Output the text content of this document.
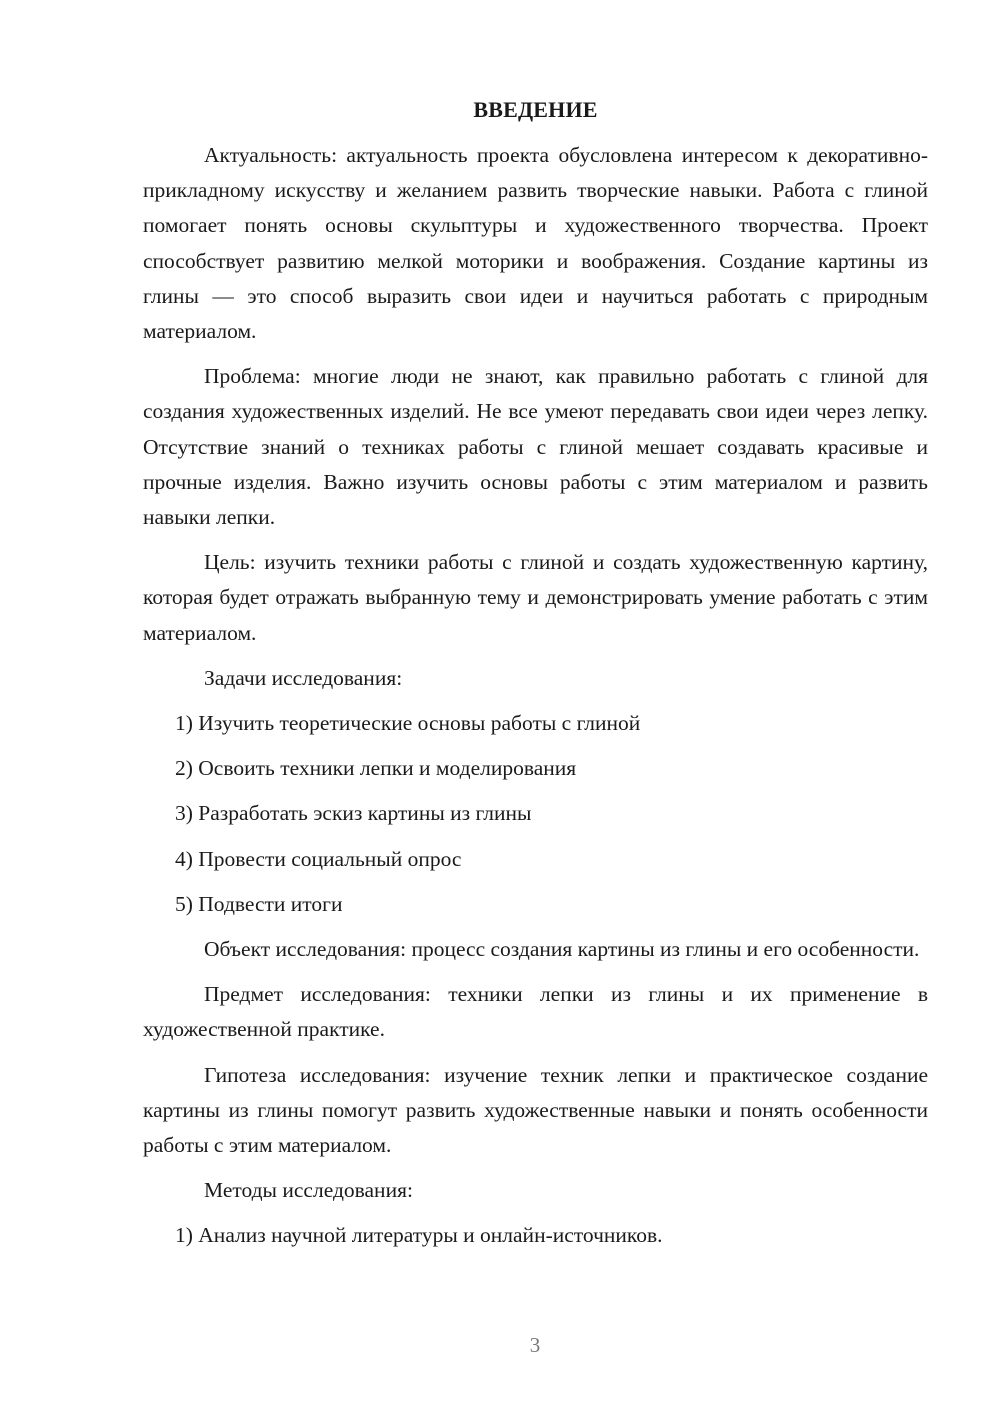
ВВЕДЕНИЕ

Актуальность: актуальность проекта обусловлена интересом к декоративно-прикладному искусству и желанием развить творческие навыки. Работа с глиной помогает понять основы скульптуры и художественного творчества. Проект способствует развитию мелкой моторики и воображения. Создание картины из глины — это способ выразить свои идеи и научиться работать с природным материалом.

Проблема: многие люди не знают, как правильно работать с глиной для создания художественных изделий. Не все умеют передавать свои идеи через лепку. Отсутствие знаний о техниках работы с глиной мешает создавать красивые и прочные изделия. Важно изучить основы работы с этим материалом и развить навыки лепки.

Цель: изучить техники работы с глиной и создать художественную картину, которая будет отражать выбранную тему и демонстрировать умение работать с этим материалом.

Задачи исследования:

1) Изучить теоретические основы работы с глиной
2) Освоить техники лепки и моделирования
3) Разработать эскиз картины из глины
4) Провести социальный опрос
5) Подвести итоги

Объект исследования: процесс создания картины из глины и его особенности.

Предмет исследования: техники лепки из глины и их применение в художественной практике.

Гипотеза исследования: изучение техник лепки и практическое создание картины из глины помогут развить художественные навыки и понять особенности работы с этим материалом.

Методы исследования:

1) Анализ научной литературы и онлайн-источников.
3
